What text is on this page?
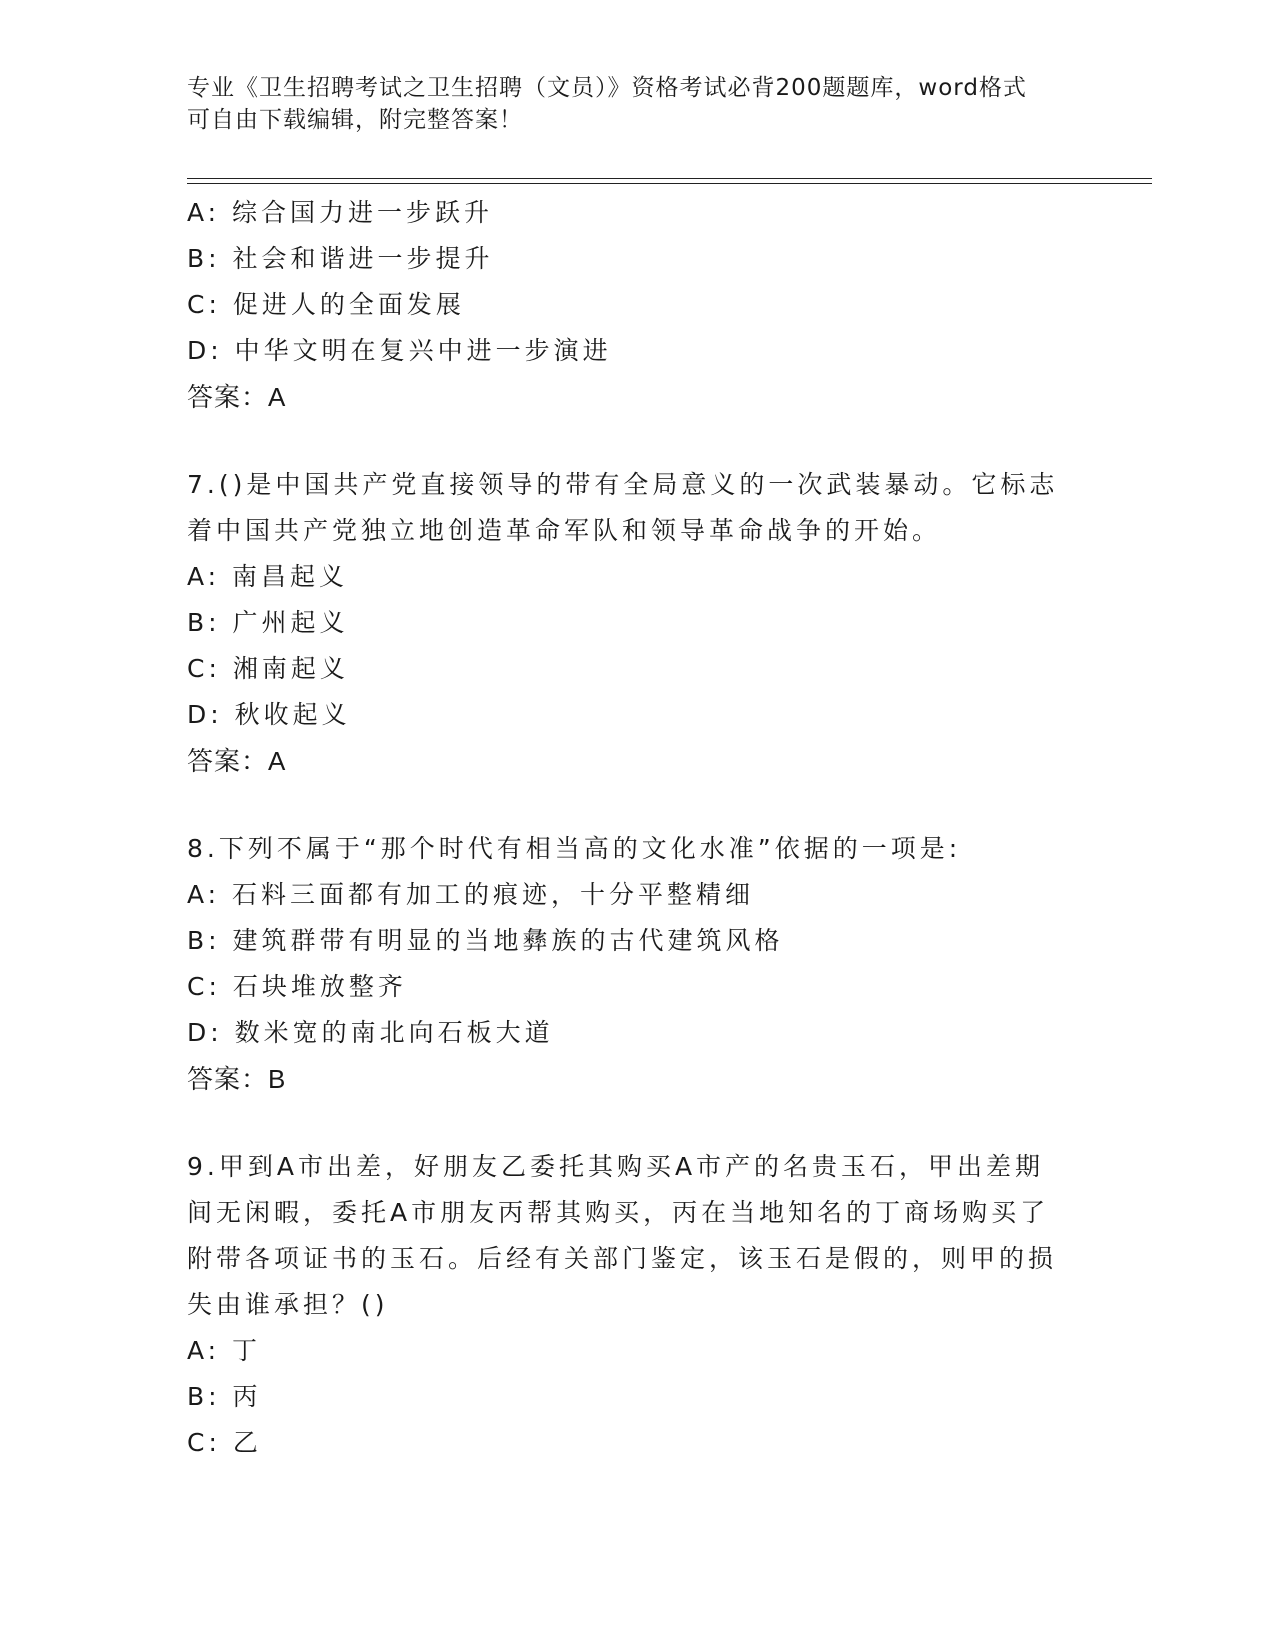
专业《卫生招聘考试之卫生招聘（文员）》资格考试必背200题题库，word格式
可自由下载编辑，附完整答案！
A: 综合国力进一步跃升
B: 社会和谐进一步提升
C: 促进人的全面发展
D: 中华文明在复兴中进一步演进
答案：A
7.()是中国共产党直接领导的带有全局意义的一次武装暴动。它标志
着中国共产党独立地创造革命军队和领导革命战争的开始。
A: 南昌起义
B: 广州起义
C: 湘南起义
D: 秋收起义
答案：A
8.下列不属于“那个时代有相当高的文化水准”依据的一项是:
A: 石料三面都有加工的痕迹，十分平整精细
B: 建筑群带有明显的当地彝族的古代建筑风格
C: 石块堆放整齐
D: 数米宽的南北向石板大道
答案：B
9.甲到A市出差，好朋友乙委托其购买A市产的名贵玉石，甲出差期
间无闲暇，委托A市朋友丙帮其购买，丙在当地知名的丁商场购买了
附带各项证书的玉石。后经有关部门鉴定，该玉石是假的，则甲的损
失由谁承担？()
A: 丁
B: 丙
C: 乙
